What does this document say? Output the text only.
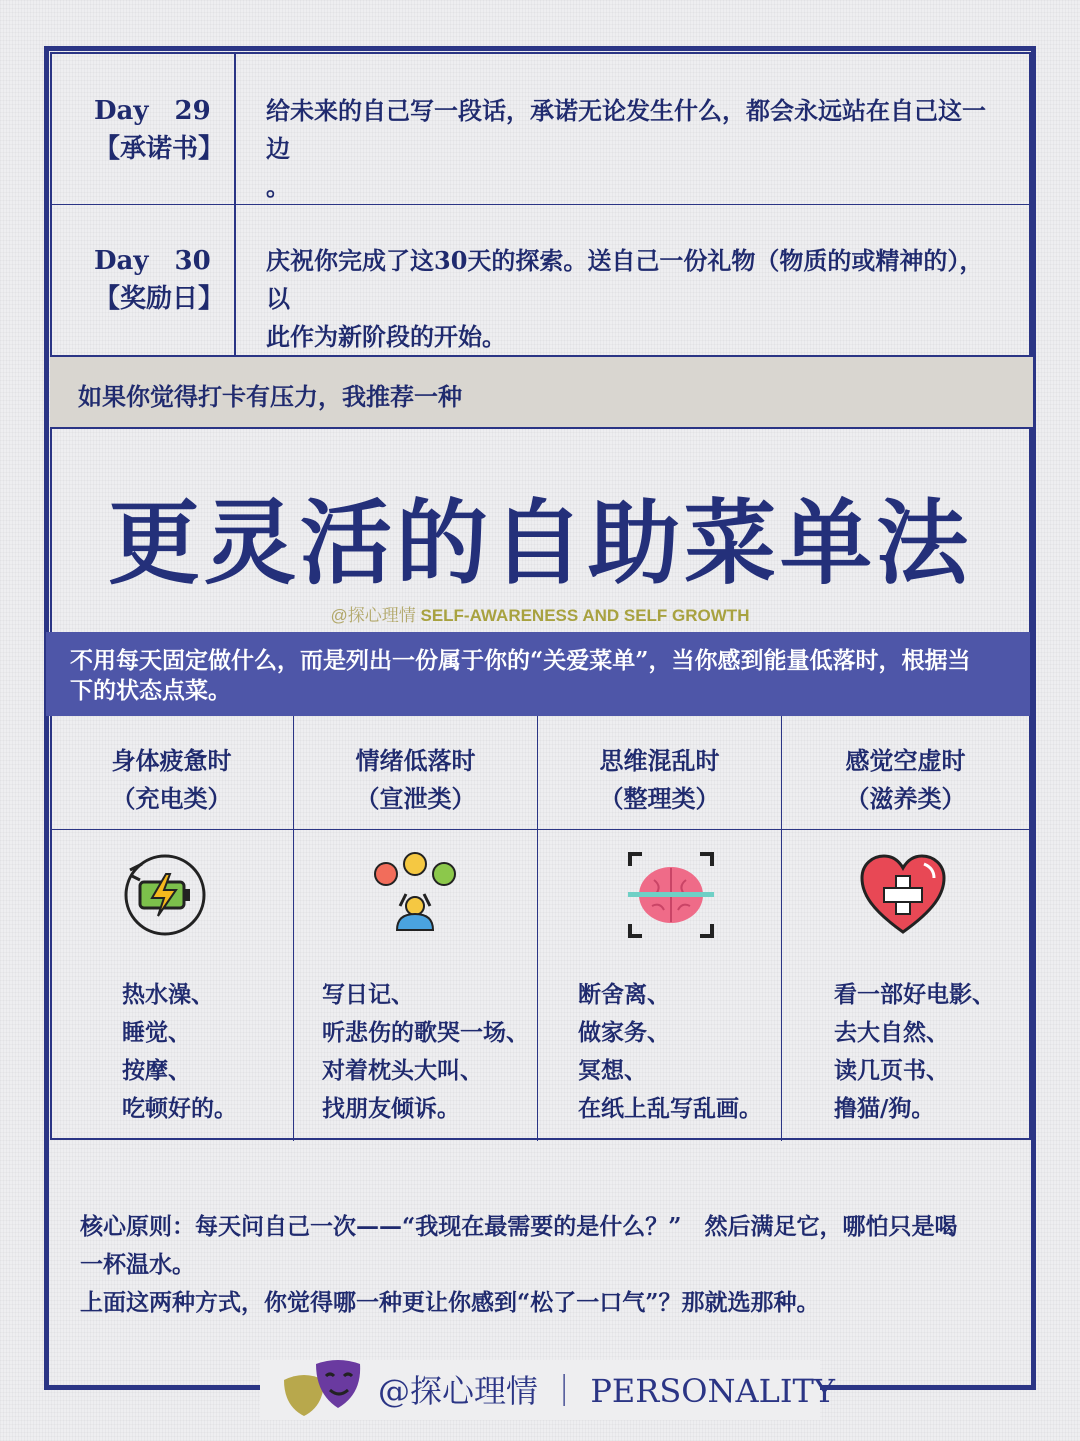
Day　29
【承诺书】
给未来的自己写一段话，承诺无论发生什么，都会永远站在自己这一边
。
Day　30
【奖励日】
庆祝你完成了这30天的探索。送自己一份礼物（物质的或精神的），以
此作为新阶段的开始。
如果你觉得打卡有压力，我推荐一种
更灵活的自助菜单法
@探心理情 SELF-AWARENESS AND SELF GROWTH
不用每天固定做什么，而是列出一份属于你的“关爱菜单”，当你感到能量低落时，根据当
下的状态点菜。
身体疲惫时
（充电类）
热水澡、
睡觉、
按摩、
吃顿好的。
情绪低落时
（宣泄类）
写日记、
听悲伤的歌哭一场、
对着枕头大叫、
找朋友倾诉。
思维混乱时
（整理类）
断舍离、
做家务、
冥想、
在纸上乱写乱画。
感觉空虚时
（滋养类）
看一部好电影、
去大自然、
读几页书、
撸猫/狗。
核心原则：每天问自己一次——“我现在最需要的是什么？”　然后满足它，哪怕只是喝
一杯温水。
上面这两种方式，你觉得哪一种更让你感到“松了一口气”？那就选那种。
@探心理情 ｜ PERSONALITY
